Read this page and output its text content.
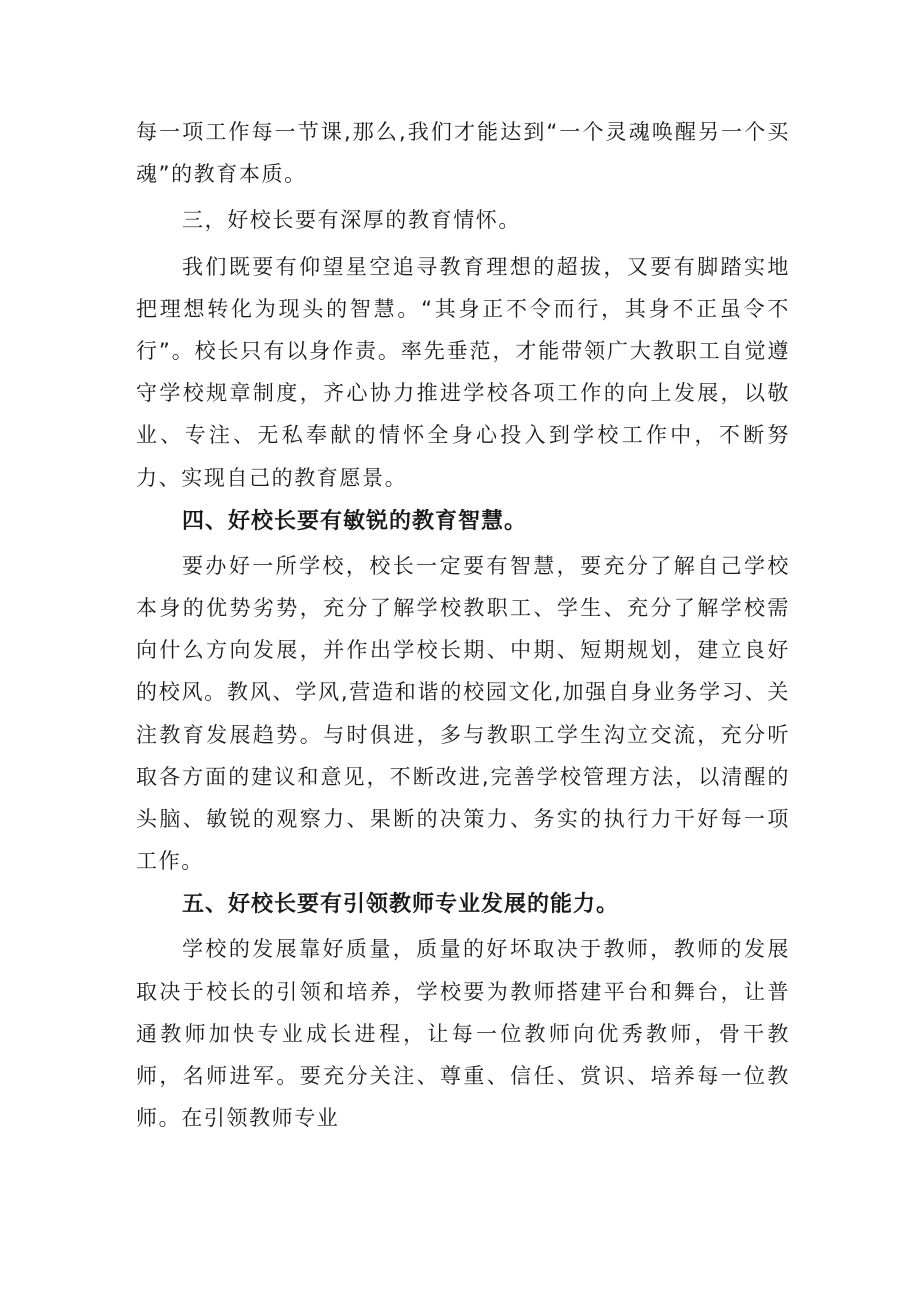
每一项工作每一节课,那么,我们才能达到“一个灵魂唤醒另一个买魂”的教育本质。

三，好校长要有深厚的教育情怀。

我们既要有仰望星空追寻教育理想的超拔，又要有脚踏实地把理想转化为现头的智慧。“其身正不令而行，其身不正虽令不行”。校长只有以身作责。率先垂范，才能带领广大教职工自觉遵守学校规章制度，齐心协力推进学校各项工作的向上发展，以敬业、专注、无私奉献的情怀全身心投入到学校工作中，不断努力、实现自己的教育愿景。

四、好校长要有敏锐的教育智慧。

要办好一所学校，校长一定要有智慧，要充分了解自己学校本身的优势劣势，充分了解学校教职工、学生、充分了解学校需向什么方向发展，并作出学校长期、中期、短期规划，建立良好的校风。教风、学风,营造和谐的校园文化,加强自身业务学习、关注教育发展趋势。与时俱进，多与教职工学生沟立交流，充分听取各方面的建议和意见，不断改进,完善学校管理方法，以清醒的头脑、敏锐的观察力、果断的决策力、务实的执行力干好每一项工作。

五、好校长要有引领教师专业发展的能力。

学校的发展靠好质量，质量的好坏取决于教师，教师的发展取决于校长的引领和培养，学校要为教师搭建平台和舞台，让普通教师加快专业成长进程，让每一位教师向优秀教师，骨干教师，名师进军。要充分关注、尊重、信任、赏识、培养每一位教师。在引领教师专业
